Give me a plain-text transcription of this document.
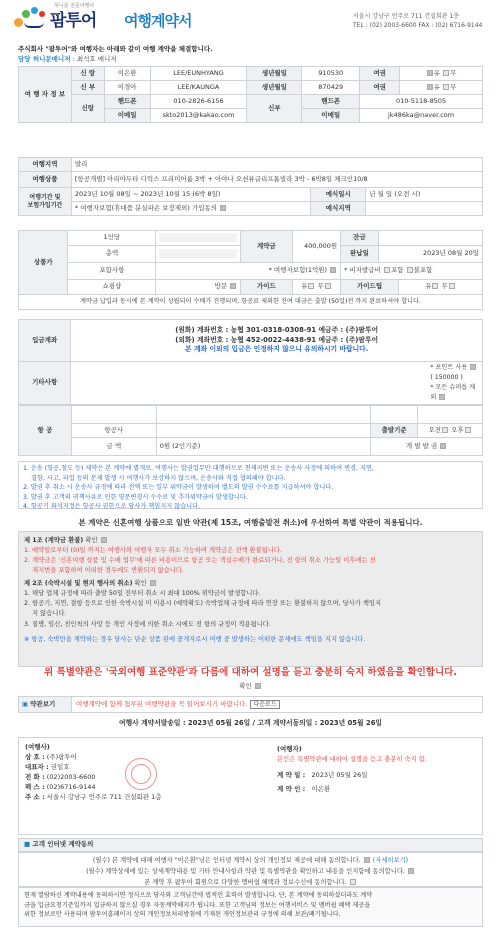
허니문 전문여행사
팜투어 여행계약서	서울시 강남구 언주로 711 건설회관 1층
TEL : (02) 2003-6600 FAX : (02) 6716-9144
주식회사 "팜투어"와 여행자는 아래와 같이 여행 계약을 체결합니다.
담당 허니문매니저 : 최석호 매니저
여 행 자 정 보	신 랑	이은환	LEE/EUNHYANG	생년월일	910530	여권	유 무
	신 부	이경아	LEE/KAUNGA	생년월일	870429	여권	유 무
	신랑	핸드폰	010-2826-6156	신부	핸드폰	010-5118-8505	
		이메일	skto2013@kakao.com		이메일	jk486ka@naver.com	
여행지역	발리		
여행상품	[항공개별] 아리아두타 디럭스 프리미어룸 3박 + 아야나 오션뷰글리프톱빌라 3박 - 6박8일 체크인10/8		

여행기간 및
보험가입기간	2023년 10월 08일 ~ 2023년 10월 15 (6박 8일)	예식일시	년 월 일 (오전 시)
	* 여행자보험(휴대품 분실파손 보장제외) 가입동의	예식지역	
상품가	1인당		계약금	400,000원	잔금		
	총액				완납일	2023년 08월 20일	
	포함사항	* 여행자보험(1억원)			* 비자발급비 포함 불포함		
	쇼핑샵	방문	가이드	유 무	가이드팁		유 무
계약금 납입과 동시에 본 계약이 성립되어 수배가 진행되며, 항공료 제외한 진여 대금은 출발 (50일)전 까지 완료하셔야 합니다.							
입금계좌	(원화) 계좌번호 : 농협 301-0318-0308-91 예금주 : (주)팜투어
(외화) 계좌번호 : 농협 452-0022-4438-91 예금주 : (주)팜투어
본 계좌 이외의 입금은 인정하지 않으니 유의하시기 바랍니다.

기타사항	* 포인트 사용
( 150000 )
* 모든 슈퍼옵 제외
항 공				
	항공사		출발기준	오전 오후
	금 액	0원 (2인기준)	개 별 발 권	
1. 운송 (항공,철도 등) 제약은 본 계약에 별개로, 여행사는 발권업무만 대행하므로 천재지변 또는 운송사 사정에 의하여 변경, 지연,
결항, 사고, 파업 등의 문제 발생 시 여행사가 보상하지 않으며, 운송사와 직접 협의해야 합니다.
2. 발권 후 취소 시 운송사 규정에 따라 전액 또는 일부 위약금이 발생하며 별도의 발권 수수료를 지급하셔야 합니다.
3. 발권 후 고객의 귀책사유로 인한 영문변경시 수수료 및 추가위약금이 발생합니다.
4. 항공기 좌석지정은 항공사 권한으로 당사가 책임지지 않습니다.
본 계약은 신혼여행 상품으로 일반 약관(제 15조, 여행출발전 취소)에 우선하여 특별 약관이 적용됩니다.
제 1조 (계약금 환불) 확인
1. 예약일로부터 (0)일 까지는 여행사와 여행자 모두 취소 가능하며 계약금은 전액 환불됩니다.
2. 계약금은 '신혼여행 상품 및 수배 업무'에 따른 비용이므로 항공 또는 객실수배가 완료되거나, 전 항의 취소 가능일 이후에는 천
재지변을 포함하여 어떠한 경우에도 반환되지 않습니다.
제 2조 (숙박시설 및 현지 행사의 취소) 확인
1. 해당 업체 규정에 따라 출발 50일 전부터 취소 시 최대 100% 위약금이 발생합니다.
2. 항공기, 지연, 결항 등으로 인한 숙박시설 미 이용시 (예약확도) 숙박업체 규정에 따라 연장 또는 환불하지 않으며, 당사가 책임지
지 않습니다.
3. 질병, 임신, 친인척의 사망 등 개인 사정에 의한 취소 시에도 전 항의 규정이 적용됩니다.
※ 항공, 숙박만을 계약하는 경우 당사는 단순 상품 판매 중개자로서 여행 중 발생하는 어떠한 문제에도 책임을 지지 않습니다.
위 특별약관은 '국외여행 표준약관'과 다름에 대하여 설명을 듣고 충분히 숙지 하였음을 확인합니다.
확인
▣ 약관보기	여행계약에 함께 첨부된 여행약관을 꼭 읽어보시기 바랍니다.	다운로드
여행사 계약서발송일 : 2023년 05월 26일 / 고객 계약서동의일 : 2023년 05월 26일
(여행사)
상 호 : (주)팜투어
대표자 : 권일호
전 화 : (02)2003-6600
팩 스 : (02)6716-9144
주 소 : 서울시 강남구 언주로 711 건설회관 1층
(여행자)
본인은 특별약관에 대하여 설명을 듣고 충분히 숙지 함.
계 약 일 : 2023년 05월 26일
계 약 인 : 이은환
■ 고객 인터넷 계약동의
(필수) 본 계약에 대해 여행자 "이은환"님은 인터넷 계약서 상의 개인정보 제공에 대해 동의합니다. (자세히보기)
(필수) 계약상세에 있는 상세계약내용 및 기타 안내사항과 약관 및 특별약관을 확인하고 내용을 인지함에 동의합니다.
본 계약 후 팜투어 회원으로 다양한 멤버쉽 혜택과 정보수신에 동의합니다.
현재 열람하신 계약내용에 동의하시면 정식으로 당사와 고객님간에 법적인 효력이 발생합니다. 단, 본 계약에 동의하셨더라도 계약
금을 입금요청기준일까지 입금하지 않으실 경우 자동계약해지가 됩니다. 또한 고객님의 정보는 여행서비스 및 멤버쉽 혜택 제공을
위한 정보로만 사용되며 팜투어홈페이지 상의 개인정보처리방침에 기재된 개인정보관리 규정에 의해 보관/폐기됩니다.
